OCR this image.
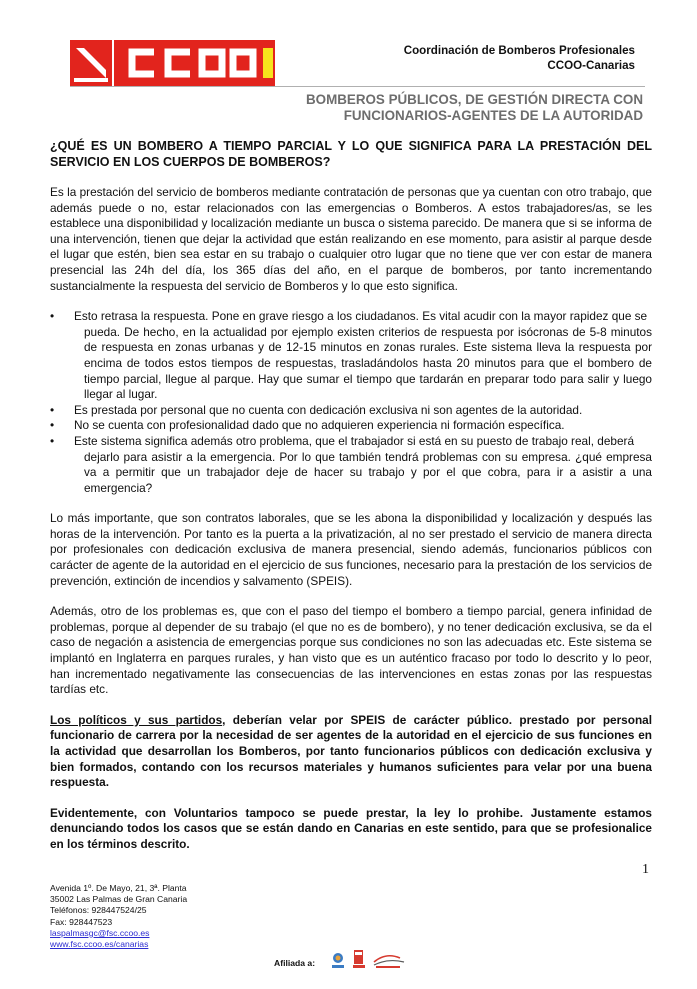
Coordinación de Bomberos Profesionales
CCOO-Canarias
BOMBEROS PÚBLICOS, DE GESTIÓN DIRECTA CON FUNCIONARIOS-AGENTES DE LA AUTORIDAD

¿QUÉ ES UN BOMBERO A TIEMPO PARCIAL Y LO QUE SIGNIFICA PARA LA PRESTACIÓN DEL SERVICIO EN LOS CUERPOS DE BOMBEROS?

Es la prestación del servicio de bomberos mediante contratación de personas que ya cuentan con otro trabajo, que además puede o no, estar relacionados con las emergencias o Bomberos. A estos trabajadores/as, se les establece una disponibilidad y localización mediante un busca o sistema parecido. De manera que si se informa de una intervención, tienen que dejar la actividad que están realizando en ese momento, para asistir al parque desde el lugar que estén, bien sea estar en su trabajo o cualquier otro lugar que no tiene que ver con estar de manera presencial las 24h del día, los 365 días del año, en el parque de bomberos, por tanto incrementando sustancialmente la respuesta del servicio de Bomberos y lo que esto significa.

•	Esto retrasa la respuesta. Pone en grave riesgo a los ciudadanos. Es vital acudir con la mayor rapidez que se
pueda. De hecho, en la actualidad por ejemplo existen criterios de respuesta por isócronas de 5-8 minutos de respuesta en zonas urbanas y de 12-15 minutos en zonas rurales. Este sistema lleva la respuesta por encima de todos estos tiempos de respuestas, trasladándolos hasta 20 minutos para que el bombero de tiempo parcial, llegue al parque. Hay que sumar el tiempo que tardarán en preparar todo para salir y luego llegar al lugar.
• Es prestada por personal que no cuenta con dedicación exclusiva ni son agentes de la autoridad.
• No se cuenta con profesionalidad dado que no adquieren experiencia ni formación específica.
•	Este sistema significa además otro problema, que el trabajador si está en su puesto de trabajo real, deberá
dejarlo para asistir a la emergencia. Por lo que también tendrá problemas con su empresa. ¿qué empresa va a permitir que un trabajador deje de hacer su trabajo y por el que cobra, para ir a asistir a una emergencia?

Lo más importante, que son contratos laborales, que se les abona la disponibilidad y localización y después las horas de la intervención. Por tanto es la puerta a la privatización, al no ser prestado el servicio de manera directa por profesionales con dedicación exclusiva de manera presencial, siendo además, funcionarios públicos con carácter de agente de la autoridad en el ejercicio de sus funciones, necesario para la prestación de los servicios de prevención, extinción de incendios y salvamento (SPEIS).

Además, otro de los problemas es, que con el paso del tiempo el bombero a tiempo parcial, genera infinidad de problemas, porque al depender de su trabajo (el que no es de bombero), y no tener dedicación exclusiva, se da el caso de negación a asistencia de emergencias porque sus condiciones no son las adecuadas etc. Este sistema se implantó en Inglaterra en parques rurales, y han visto que es un auténtico fracaso por todo lo descrito y lo peor, han incrementado negativamente las consecuencias de las intervenciones en estas zonas por las respuestas tardías etc.

Los políticos y sus partidos, deberían velar por SPEIS de carácter público. prestado por personal funcionario de carrera por la necesidad de ser agentes de la autoridad en el ejercicio de sus funciones en la actividad que desarrollan los Bomberos, por tanto funcionarios públicos con dedicación exclusiva y bien formados, contando con los recursos materiales y humanos suficientes para velar por una buena respuesta.

Evidentemente, con Voluntarios tampoco se puede prestar, la ley lo prohibe. Justamente estamos denunciando todos los casos que se están dando en Canarias en este sentido, para que se profesionalice en los términos descrito.

1
Avenida 1º. De Mayo, 21, 3ª. Planta
35002 Las Palmas de Gran Canaria
Teléfonos: 928447524/25
Fax: 928447523
laspalmasgc@fsc.ccoo.es
www.fsc.ccoo.es/canarias
Afiliada a:
